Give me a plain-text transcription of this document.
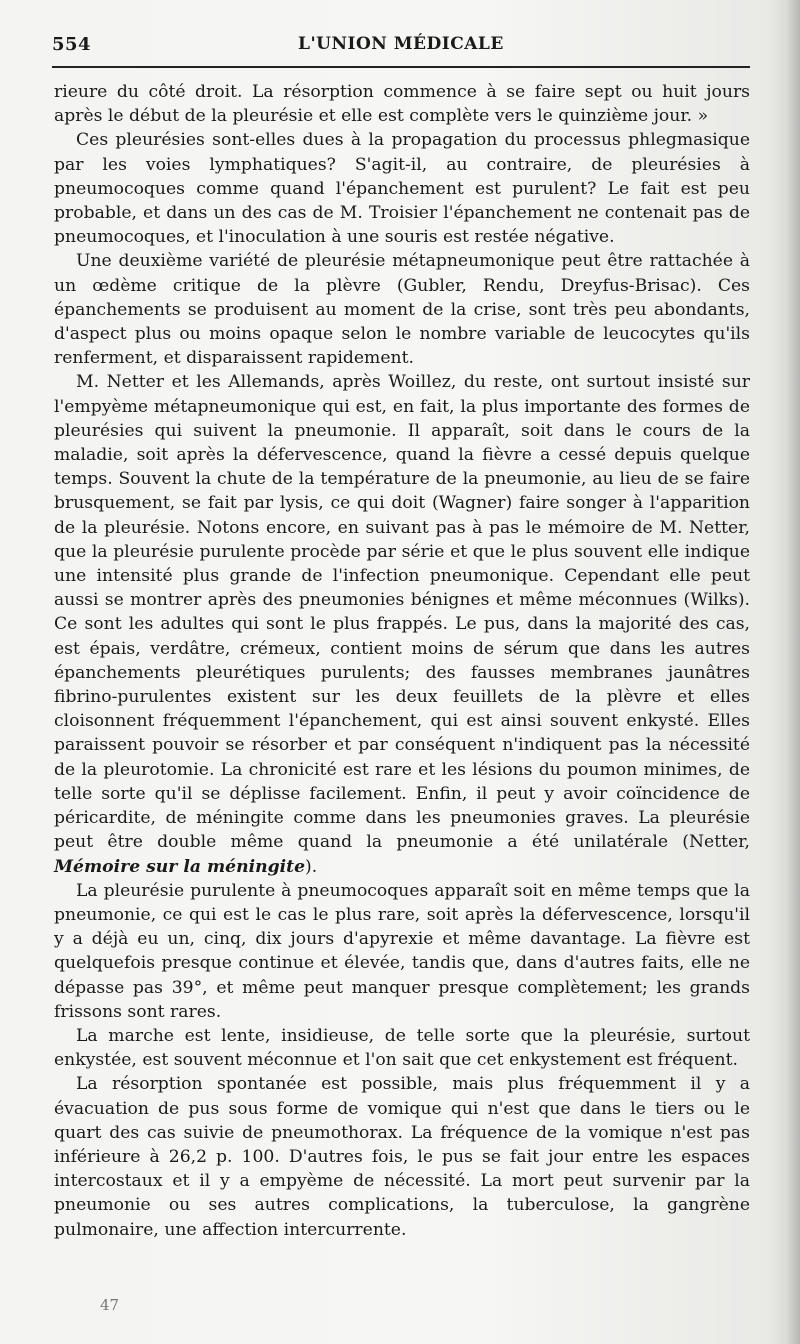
554	L'UNION MÉDICALE

rieure du côté droit. La résorption commence à se faire sept ou huit jours après le début de la pleurésie et elle est complète vers le quinzième jour. »

Ces pleurésies sont-elles dues à la propagation du processus phlegmasique par les voies lymphatiques? S'agit-il, au contraire, de pleurésies à pneumocoques comme quand l'épanchement est purulent? Le fait est peu probable, et dans un des cas de M. Troisier l'épanchement ne contenait pas de pneumocoques, et l'inoculation à une souris est restée négative.

Une deuxième variété de pleurésie métapneumonique peut être rattachée à un œdème critique de la plèvre (Gubler, Rendu, Dreyfus-Brisac). Ces épanchements se produisent au moment de la crise, sont très peu abondants, d'aspect plus ou moins opaque selon le nombre variable de leucocytes qu'ils renferment, et disparaissent rapidement.

M. Netter et les Allemands, après Woillez, du reste, ont surtout insisté sur l'empyème métapneumonique qui est, en fait, la plus importante des formes de pleurésies qui suivent la pneumonie. Il apparaît, soit dans le cours de la maladie, soit après la défervescence, quand la fièvre a cessé depuis quelque temps. Souvent la chute de la température de la pneumonie, au lieu de se faire brusquement, se fait par lysis, ce qui doit (Wagner) faire songer à l'apparition de la pleurésie. Notons encore, en suivant pas à pas le mémoire de M. Netter, que la pleurésie purulente procède par série et que le plus souvent elle indique une intensité plus grande de l'infection pneumonique. Cependant elle peut aussi se montrer après des pneumonies bénignes et même méconnues (Wilks). Ce sont les adultes qui sont le plus frappés. Le pus, dans la majorité des cas, est épais, verdâtre, crémeux, contient moins de sérum que dans les autres épanchements pleurétiques purulents; des fausses membranes jaunâtres fibrino-purulentes existent sur les deux feuillets de la plèvre et elles cloisonnent fréquemment l'épanchement, qui est ainsi souvent enkysté. Elles paraissent pouvoir se résorber et par conséquent n'indiquent pas la nécessité de la pleurotomie. La chronicité est rare et les lésions du poumon minimes, de telle sorte qu'il se déplisse facilement. Enfin, il peut y avoir coïncidence de péricardite, de méningite comme dans les pneumonies graves. La pleurésie peut être double même quand la pneumonie a été unilatérale (Netter, Mémoire sur la méningite).

La pleurésie purulente à pneumocoques apparaît soit en même temps que la pneumonie, ce qui est le cas le plus rare, soit après la défervescence, lorsqu'il y a déjà eu un, cinq, dix jours d'apyrexie et même davantage. La fièvre est quelquefois presque continue et élevée, tandis que, dans d'autres faits, elle ne dépasse pas 39°, et même peut manquer presque complètement; les grands frissons sont rares.

La marche est lente, insidieuse, de telle sorte que la pleurésie, surtout enkystée, est souvent méconnue et l'on sait que cet enkystement est fréquent.

La résorption spontanée est possible, mais plus fréquemment il y a évacuation de pus sous forme de vomique qui n'est que dans le tiers ou le quart des cas suivie de pneumothorax. La fréquence de la vomique n'est pas inférieure à 26,2 p. 100. D'autres fois, le pus se fait jour entre les espaces intercostaux et il y a empyème de nécessité. La mort peut survenir par la pneumonie ou ses autres complications, la tuberculose, la gangrène pulmonaire, une affection intercurrente.

47
